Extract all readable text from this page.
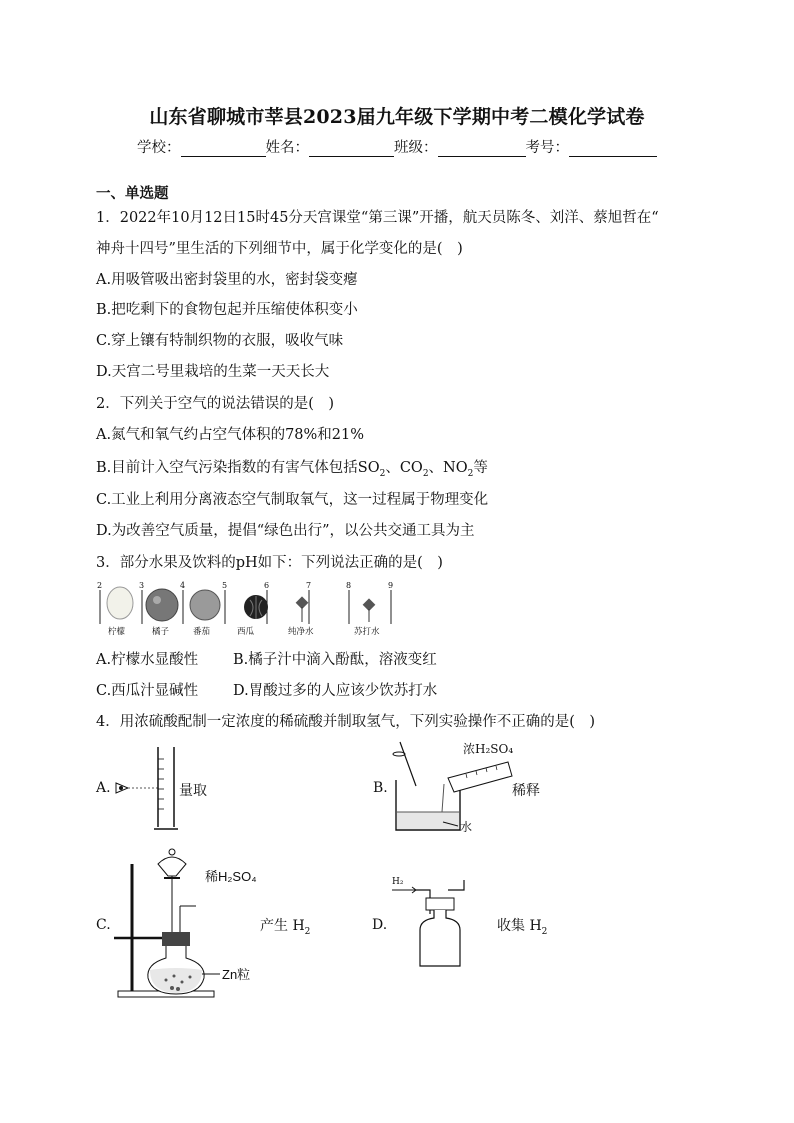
山东省聊城市莘县2023届九年级下学期中考二模化学试卷
学校：	姓名：	班级：	考号：
一、单选题
1．2022年10月12日15时45分天宫课堂“第三课”开播，航天员陈冬、刘洋、蔡旭哲在“
神舟十四号”里生活的下列细节中，属于化学变化的是(　)
A.用吸管吸出密封袋里的水，密封袋变瘪
B.把吃剩下的食物包起并压缩使体积变小
C.穿上镶有特制织物的衣服，吸收气味
D.天宫二号里栽培的生菜一天天长大
2．下列关于空气的说法错误的是(　)
A.氮气和氧气约占空气体积的78%和21%
B.目前计入空气污染指数的有害气体包括$SO_2$、$CO_2$、$NO_2$等
C.工业上利用分离液态空气制取氧气，这一过程属于物理变化
D.为改善空气质量，提倡“绿色出行”，以公共交通工具为主
3．部分水果及饮料的pH如下：下列说法正确的是(　)
2	3	4	5	6	7	8	9
柠檬	橘子	番茄	西瓜	纯净水	苏打水
A.柠檬水显酸性 B.橘子汁中滴入酚酞，溶液变红
C.西瓜汁显碱性 D.胃酸过多的人应该少饮苏打水
4．用浓硫酸配制一定浓度的稀硫酸并制取氢气，下列实验操作不正确的是(　)
A.	量取	B.
浓H₂SO₄
稀释
水
C.
稀H₂SO₄
产生 $H_2$
Zn粒
D.
H₂
收集 $H_2$
